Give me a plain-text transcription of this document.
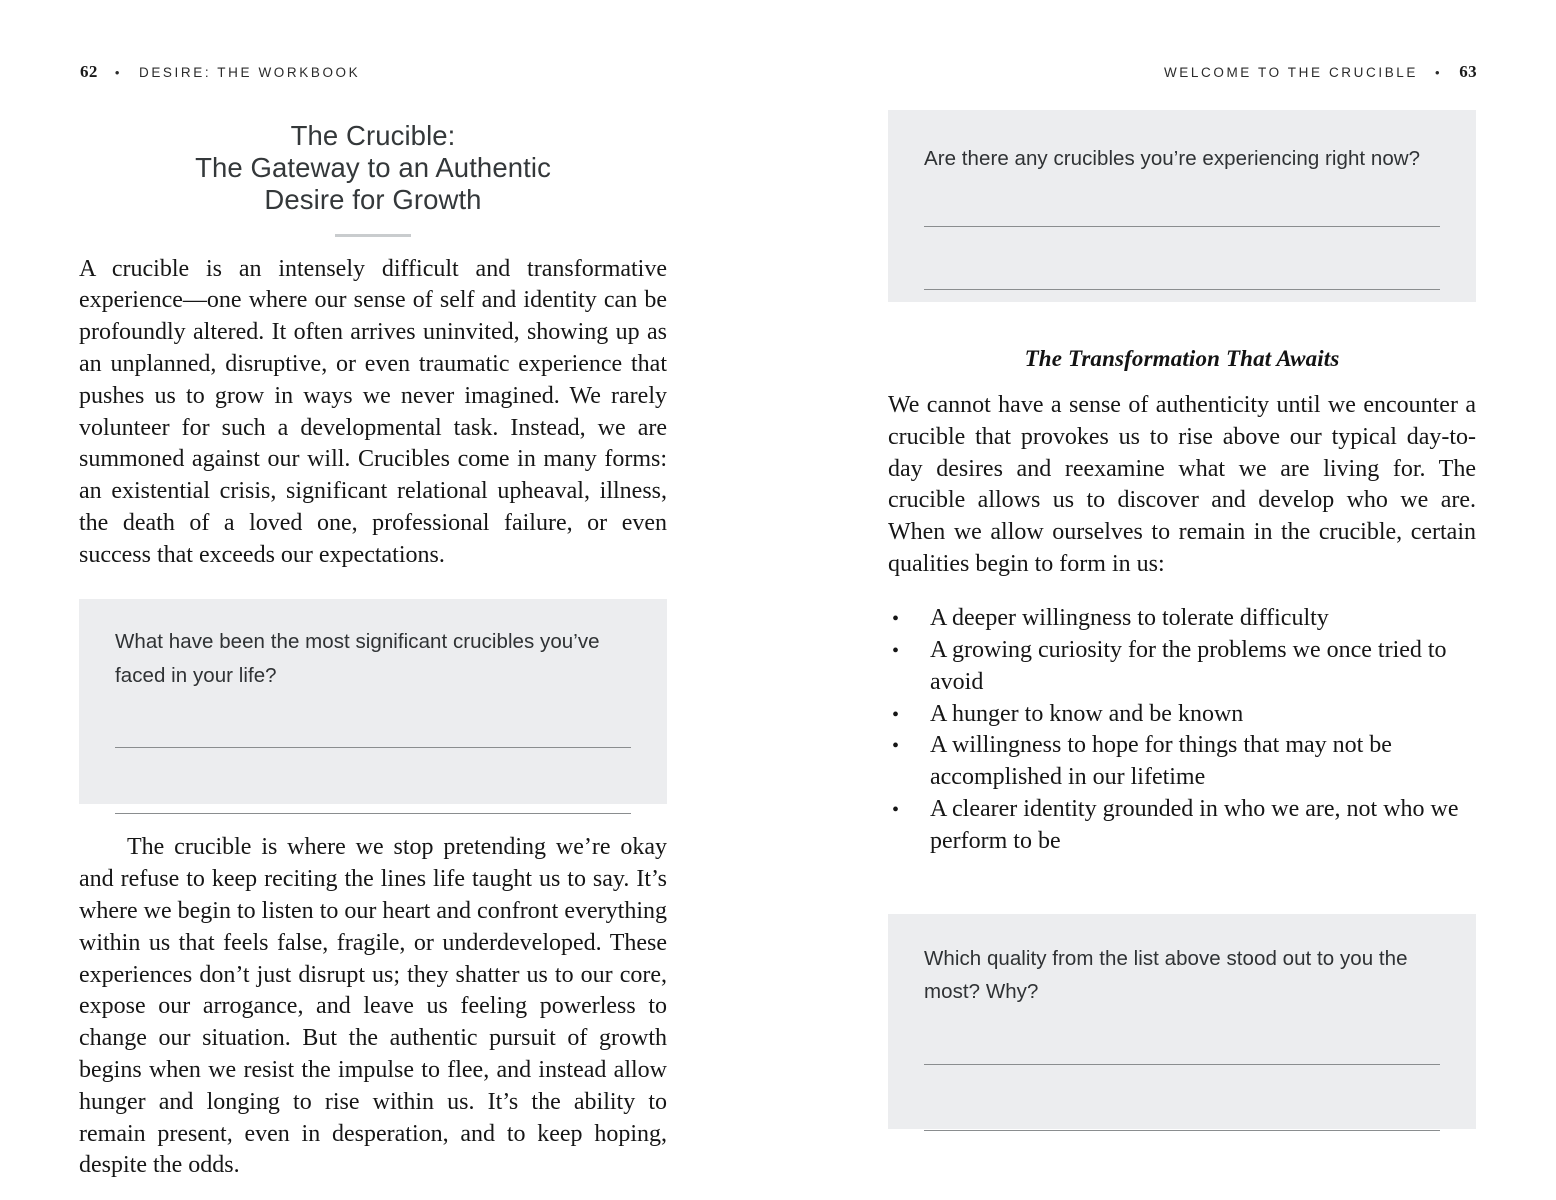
62 • DESIRE: THE WORKBOOK	WELCOME TO THE CRUCIBLE • 63
The Crucible:
The Gateway to an Authentic
Desire for Growth

A crucible is an intensely difficult and transformative experience—one where our sense of self and identity can be profoundly altered. It often arrives uninvited, showing up as an unplanned, disruptive, or even traumatic experience that pushes us to grow in ways we never imagined. We rarely volunteer for such a developmental task. Instead, we are summoned against our will. Crucibles come in many forms: an existential crisis, significant relational upheaval, illness, the death of a loved one, professional failure, or even success that exceeds our expectations.

What have been the most significant crucibles you’ve faced in your life?

The crucible is where we stop pretending we’re okay and refuse to keep reciting the lines life taught us to say. It’s where we begin to listen to our heart and confront everything within us that feels false, fragile, or underdeveloped. These experiences don’t just disrupt us; they shatter us to our core, expose our arrogance, and leave us feeling powerless to change our situation. But the authentic pursuit of growth begins when we resist the impulse to flee, and instead allow hunger and longing to rise within us. It’s the ability to remain present, even in desperation, and to keep hoping, despite the odds.

Are there any crucibles you’re experiencing right now?

The Transformation That Awaits

We cannot have a sense of authenticity until we encounter a crucible that provokes us to rise above our typical day-to-day desires and reexamine what we are living for. The crucible allows us to discover and develop who we are. When we allow ourselves to remain in the crucible, certain qualities begin to form in us:

• A deeper willingness to tolerate difficulty
• A growing curiosity for the problems we once tried to avoid
• A hunger to know and be known
• A willingness to hope for things that may not be accomplished in our lifetime
• A clearer identity grounded in who we are, not who we perform to be

Which quality from the list above stood out to you the most? Why?
